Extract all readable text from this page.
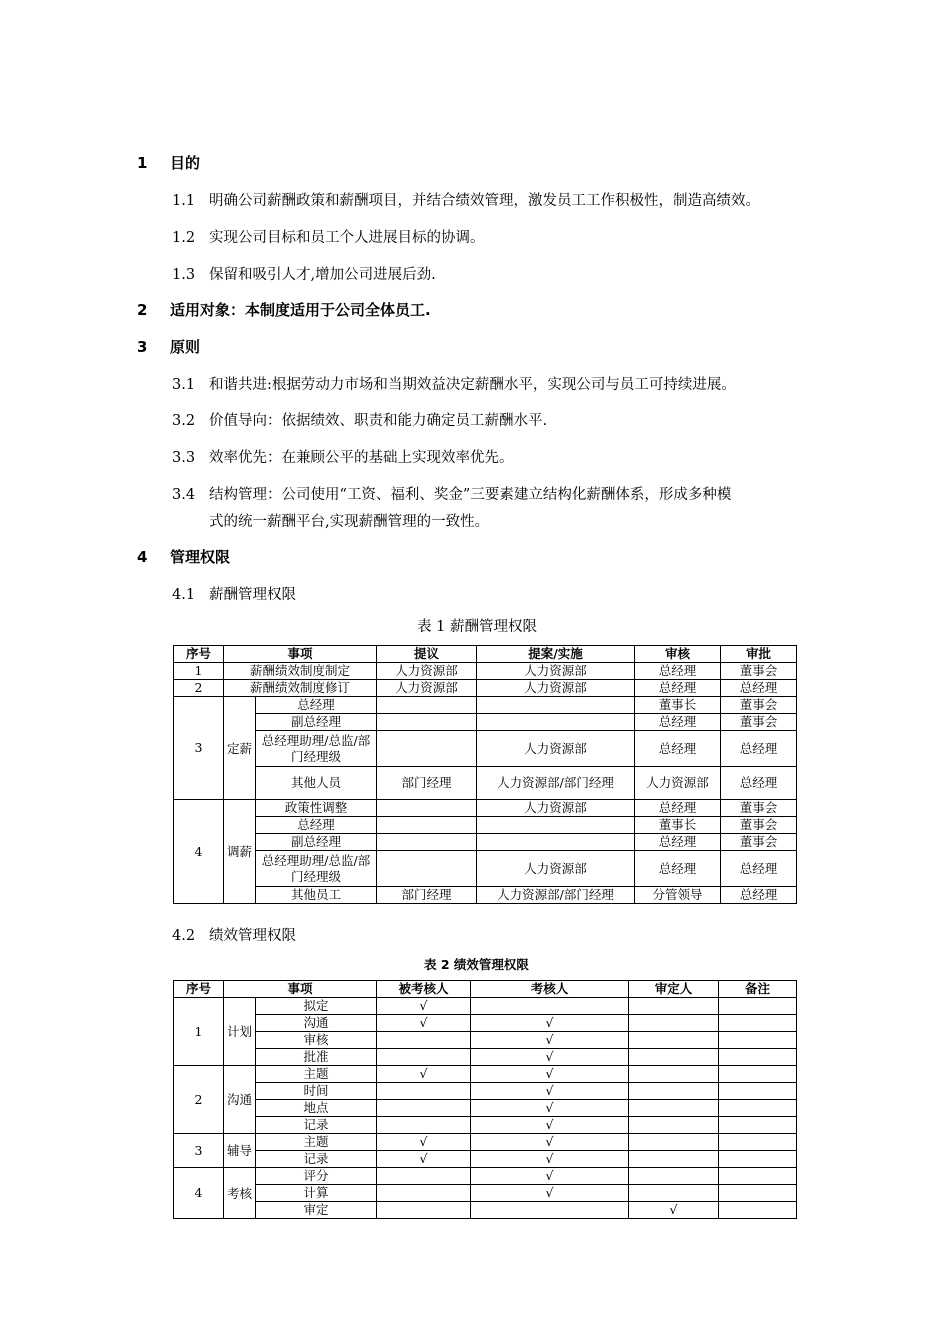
1 目的
1.1 明确公司薪酬政策和薪酬项目，并结合绩效管理，激发员工工作积极性，制造高绩效。
1.2 实现公司目标和员工个人进展目标的协调。
1.3 保留和吸引人才,增加公司进展后劲.
2 适用对象：本制度适用于公司全体员工.
3 原则
3.1 和谐共进:根据劳动力市场和当期效益决定薪酬水平，实现公司与员工可持续进展。
3.2 价值导向：依据绩效、职责和能力确定员工薪酬水平.
3.3 效率优先：在兼顾公平的基础上实现效率优先。
3.4 结构管理：公司使用“工资、福利、奖金”三要素建立结构化薪酬体系，形成多种模
式的统一薪酬平台,实现薪酬管理的一致性。
4 管理权限
4.1 薪酬管理权限
表 1 薪酬管理权限
序号	事项		提议	提案/实施	审核	审批
1	薪酬绩效制度制定		人力资源部	人力资源部	总经理	董事会
2	薪酬绩效制度修订		人力资源部	人力资源部	总经理	总经理
3	定薪	总经理			董事长	董事会
		副总经理			总经理	董事会
		总经理助理/总监/部门经理级		人力资源部	总经理	总经理
		其他人员	部门经理	人力资源部/部门经理	人力资源部	总经理
4	调薪	政策性调整		人力资源部	总经理	董事会
		总经理			董事长	董事会
		副总经理			总经理	董事会
		总经理助理/总监/部门经理级		人力资源部	总经理	总经理
		其他员工	部门经理	人力资源部/部门经理	分管领导	总经理
4.2 绩效管理权限
表 2 绩效管理权限
序号	事项		被考核人	考核人	审定人	备注
1	计划	拟定	√			
		沟通	√	√		
		审核		√		
		批准		√		
2	沟通	主题	√	√		
		时间		√		
		地点		√		
		记录		√		
3	辅导	主题	√	√		
		记录	√	√		
4	考核	评分		√		
		计算		√		
		审定			√	
